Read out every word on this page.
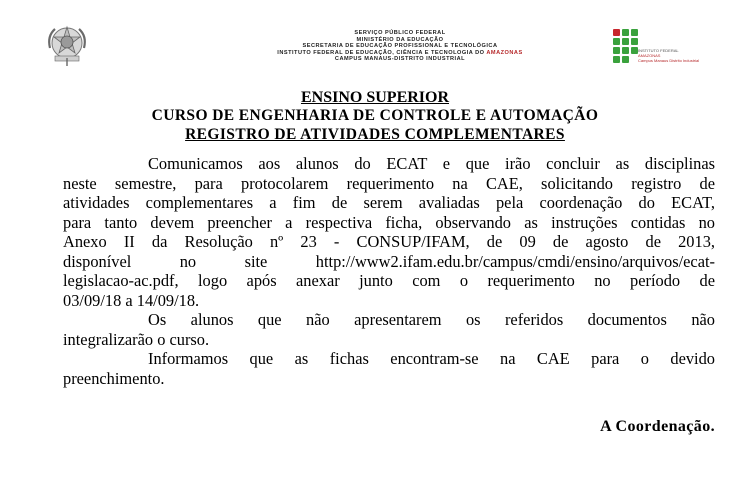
SERVIÇO PÚBLICO FEDERAL
MINISTÉRIO DA EDUCAÇÃO
SECRETARIA DE EDUCAÇÃO PROFISSIONAL E TECNOLÓGICA
INSTITUTO FEDERAL DE EDUCAÇÃO, CIÊNCIA E TECNOLOGIA DO AMAZONAS
CAMPUS MANAUS-DISTRITO INDUSTRIAL
INSTITUTO FEDERAL
AMAZONAS
Campus Manaus Distrito Industrial
ENSINO SUPERIOR
CURSO DE ENGENHARIA DE CONTROLE E AUTOMAÇÃO
REGISTRO DE ATIVIDADES COMPLEMENTARES
Comunicamos aos alunos do ECAT e que irão concluir as disciplinas
neste semestre, para protocolarem requerimento na CAE, solicitando registro de
atividades complementares a fim de serem avaliadas pela coordenação do ECAT,
para tanto devem preencher a respectiva ficha, observando as instruções contidas no
Anexo II da Resolução nº 23 - CONSUP/IFAM, de 09 de agosto de 2013,
disponível no site http://www2.ifam.edu.br/campus/cmdi/ensino/arquivos/ecat-
legislacao-ac.pdf, logo após anexar junto com o requerimento no período de
03/09/18 a 14/09/18.
Os alunos que não apresentarem os referidos documentos não
integralizarão o curso.
Informamos que as fichas encontram-se na CAE para o devido
preenchimento.
A Coordenação.
